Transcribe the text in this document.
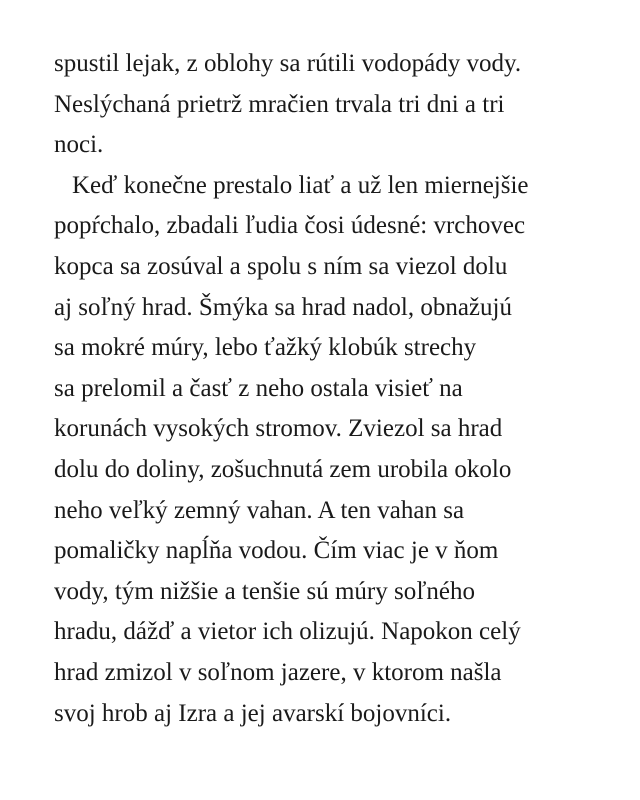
spustil lejak, z oblohy sa rútili vodopády vody.
Neslýchaná prietrž mračien trvala tri dni a tri
noci.
Keď konečne prestalo liať a už len miernejšie
popŕchalo, zbadali ľudia čosi údesné: vrchovec
kopca sa zosúval a spolu s ním sa viezol dolu
aj soľný hrad. Šmýka sa hrad nadol, obnažujú
sa mokré múry, lebo ťažký klobúk strechy
sa prelomil a časť z neho ostala visieť na
korunách vysokých stromov. Zviezol sa hrad
dolu do doliny, zošuchnutá zem urobila okolo
neho veľký zemný vahan. A ten vahan sa
pomaličky napĺňa vodou. Čím viac je v ňom
vody, tým nižšie a tenšie sú múry soľného
hradu, dážď a vietor ich olizujú. Napokon celý
hrad zmizol v soľnom jazere, v ktorom našla
svoj hrob aj Izra a jej avarskí bojovníci.
